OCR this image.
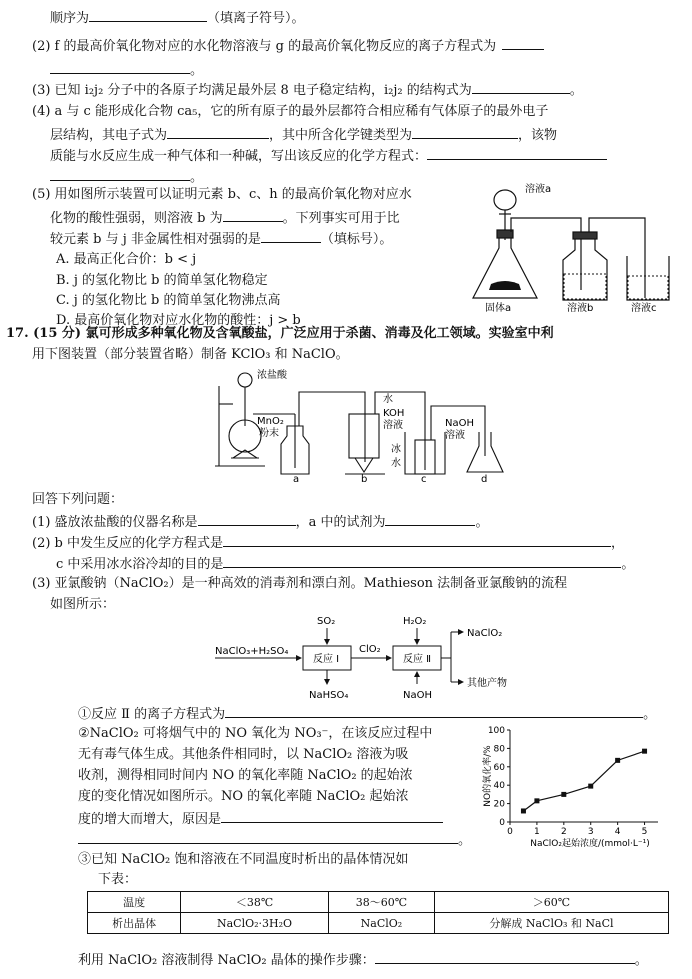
顺序为	（填离子符号）。
(2) f 的最高价氧化物对应的水化物溶液与 g 的最高价氧化物反应的离子方程式为
。
(3) 已知 i₂j₂ 分子中的各原子均满足最外层 8 电子稳定结构，i₂j₂ 的结构式为	。
(4) a 与 c 能形成化合物 ca₅，它的所有原子的最外层都符合相应稀有气体原子的最外电子
层结构，其电子式为	，其中所含化学键类型为	，该物
质能与水反应生成一种气体和一种碱，写出该反应的化学方程式：
。
(5) 用如图所示装置可以证明元素 b、c、h 的最高价氧化物对应水
化物的酸性强弱，则溶液 b 为	。下列事实可用于比
较元素 b 与 j 非金属性相对强弱的是	（填标号）。
A. 最高正化合价：b < j
B. j 的氢化物比 b 的简单氢化物稳定
C. j 的氢化物比 b 的简单氢化物沸点高
D. 最高价氧化物对应水化物的酸性：j > b
溶液a
固体a	溶液b	溶液c
17. (15 分) 氯可形成多种氧化物及含氧酸盐，广泛应用于杀菌、消毒及化工领域。实验室中利
用下图装置（部分装置省略）制备 KClO₃ 和 NaClO。
浓盐酸
MnO₂
粉末
水
KOH
溶液
冰
水
NaOH
溶液
a	b	c	d
回答下列问题：
(1) 盛放浓盐酸的仪器名称是	，a 中的试剂为	。
(2) b 中发生反应的化学方程式是	，
c 中采用冰水浴冷却的目的是	。
(3) 亚氯酸钠（NaClO₂）是一种高效的消毒剂和漂白剂。Mathieson 法制备亚氯酸钠的流程
如图所示：
NaClO₃+H₂SO₄
反应 Ⅰ	反应 Ⅱ
SO₂	H₂O₂
ClO₂
NaHSO₄	NaOH
NaClO₂
其他产物
①反应 Ⅱ 的离子方程式为	。
②NaClO₂ 可将烟气中的 NO 氧化为 NO₃⁻，在该反应过程中
无有毒气体生成。其他条件相同时，以 NaClO₂ 溶液为吸
收剂，测得相同时间内 NO 的氧化率随 NaClO₂ 的起始浓
度的变化情况如图所示。NO 的氧化率随 NaClO₂ 起始浓
度的增大而增大，原因是
。
0 1 2 3 4 5
0
20
40
60
80
100
NaClO₂起始浓度/(mmol·L⁻¹)
NO的氧化率/%
③已知 NaClO₂ 饱和溶液在不同温度时析出的晶体情况如
下表：
温度	＜38℃	38～60℃	＞60℃
析出晶体	NaClO₂·3H₂O	NaClO₂	分解成 NaClO₃ 和 NaCl
利用 NaClO₂ 溶液制得 NaClO₂ 晶体的操作步骤：	。
